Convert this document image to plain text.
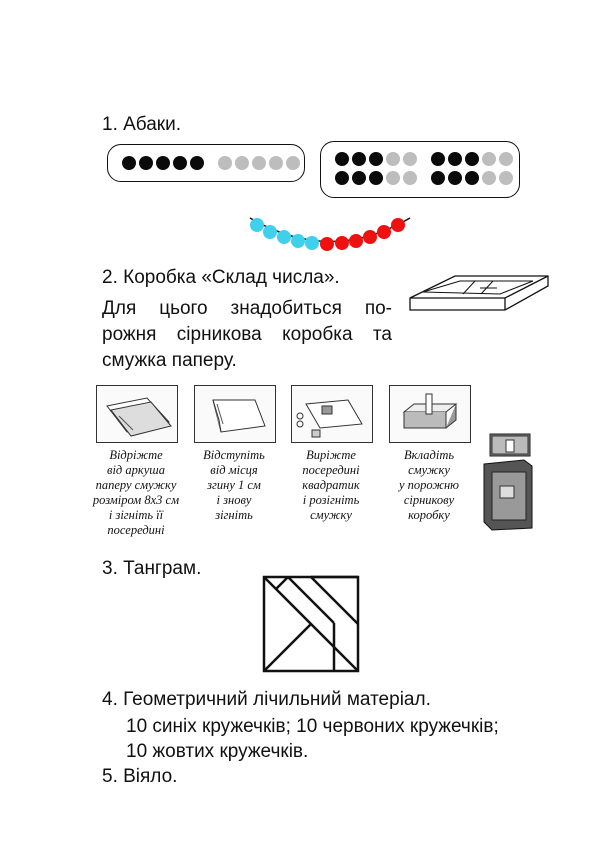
1. Абаки.
2. Коробка «Склад числа».
Для цього знадобиться по-
рожня сірникова коробка та
смужка паперу.
Відріжте
від аркуша
паперу смужку
розміром 8x3 см
і зігніть її
посередині
Відступіть
від місця
згину 1 см
і знову
зігніть
Виріжте
посередині
квадратик
і розігніть
смужку
Вкладіть
смужку
у порожню
сірникову
коробку
3. Танграм.
4. Геометричний лічильний матеріал.
10 синіх кружечків; 10 червоних кружечків;
10 жовтих кружечків.
5. Віяло.
